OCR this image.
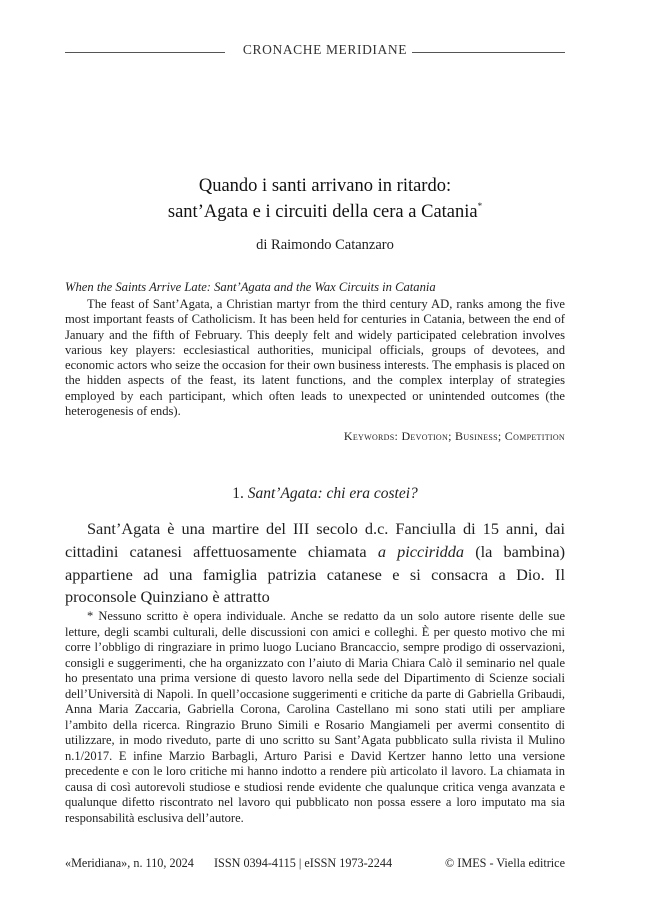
CRONACHE MERIDIANE
Quando i santi arrivano in ritardo:
sant’Agata e i circuiti della cera a Catania*
di Raimondo Catanzaro
When the Saints Arrive Late: Sant’Agata and the Wax Circuits in Catania

The feast of Sant’Agata, a Christian martyr from the third century AD, ranks among the five most important feasts of Catholicism. It has been held for centuries in Catania, between the end of January and the fifth of February. This deeply felt and widely participated celebration involves various key players: ecclesiastical authorities, municipal officials, groups of devotees, and economic actors who seize the occasion for their own business interests. The emphasis is placed on the hidden aspects of the feast, its latent functions, and the complex interplay of strategies employed by each participant, which often leads to unexpected or unintended outcomes (the heterogenesis of ends).

Keywords: Devotion; Business; Competition
1. Sant’Agata: chi era costei?

Sant’Agata è una martire del III secolo d.c. Fanciulla di 15 anni, dai cittadini catanesi affettuosamente chiamata a picciridda (la bambina) appartiene ad una famiglia patrizia catanese e si consacra a Dio. Il proconsole Quinziano è attratto

* Nessuno scritto è opera individuale. Anche se redatto da un solo autore risente delle sue letture, degli scambi culturali, delle discussioni con amici e colleghi. È per questo motivo che mi corre l’obbligo di ringraziare in primo luogo Luciano Brancaccio, sempre prodigo di osservazioni, consigli e suggerimenti, che ha organizzato con l’aiuto di Maria Chiara Calò il seminario nel quale ho presentato una prima versione di questo lavoro nella sede del Dipartimento di Scienze sociali dell’Università di Napoli. In quell’occasione suggerimenti e critiche da parte di Gabriella Gribaudi, Anna Maria Zaccaria, Gabriella Corona, Carolina Castellano mi sono stati utili per ampliare l’ambito della ricerca. Ringrazio Bruno Simili e Rosario Mangiameli per avermi consentito di utilizzare, in modo riveduto, parte di uno scritto su Sant’Agata pubblicato sulla rivista il Mulino n.1/2017. E infine Marzio Barbagli, Arturo Parisi e David Kertzer hanno letto una versione precedente e con le loro critiche mi hanno indotto a rendere più articolato il lavoro. La chiamata in causa di così autorevoli studiose e studiosi rende evidente che qualunque critica venga avanzata e qualunque difetto riscontrato nel lavoro qui pubblicato non possa essere a loro imputato ma sia responsabilità esclusiva dell’autore.

«Meridiana», n. 110, 2024 ISSN 0394-4115 | eISSN 1973-2244	© IMES - Viella editrice
